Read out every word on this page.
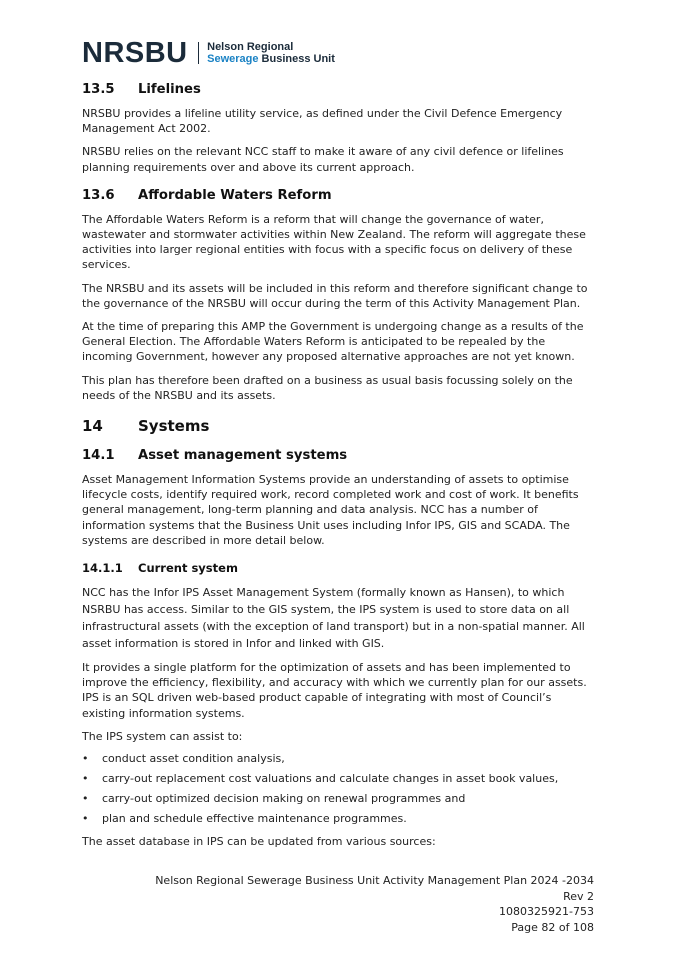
NRSBU Nelson Regional
Sewerage Business Unit
13.5	Lifelines

NRSBU provides a lifeline utility service, as defined under the Civil Defence Emergency Management Act 2002.

NRSBU relies on the relevant NCC staff to make it aware of any civil defence or lifelines planning requirements over and above its current approach.

13.6	Affordable Waters Reform

The Affordable Waters Reform is a reform that will change the governance of water, wastewater and stormwater activities within New Zealand. The reform will aggregate these activities into larger regional entities with focus with a specific focus on delivery of these services.

The NRSBU and its assets will be included in this reform and therefore significant change to the governance of the NRSBU will occur during the term of this Activity Management Plan.

At the time of preparing this AMP the Government is undergoing change as a results of the General Election. The Affordable Waters Reform is anticipated to be repealed by the incoming Government, however any proposed alternative approaches are not yet known.

This plan has therefore been drafted on a business as usual basis focussing solely on the needs of the NRSBU and its assets.

14	Systems
14.1	Asset management systems

Asset Management Information Systems provide an understanding of assets to optimise lifecycle costs, identify required work, record completed work and cost of work. It benefits general management, long-term planning and data analysis. NCC has a number of information systems that the Business Unit uses including Infor IPS, GIS and SCADA. The systems are described in more detail below.

14.1.1	Current system

NCC has the Infor IPS Asset Management System (formally known as Hansen), to which NSRBU has access. Similar to the GIS system, the IPS system is used to store data on all infrastructural assets (with the exception of land transport) but in a non-spatial manner. All asset information is stored in Infor and linked with GIS.

It provides a single platform for the optimization of assets and has been implemented to improve the efficiency, flexibility, and accuracy with which we currently plan for our assets. IPS is an SQL driven web-based product capable of integrating with most of Council’s existing information systems.

The IPS system can assist to:

•	conduct asset condition analysis,
•	carry-out replacement cost valuations and calculate changes in asset book values,
•	carry-out optimized decision making on renewal programmes and
•	plan and schedule effective maintenance programmes.

The asset database in IPS can be updated from various sources:

Nelson Regional Sewerage Business Unit Activity Management Plan 2024 -2034
Rev 2
1080325921-753
Page 82 of 108
